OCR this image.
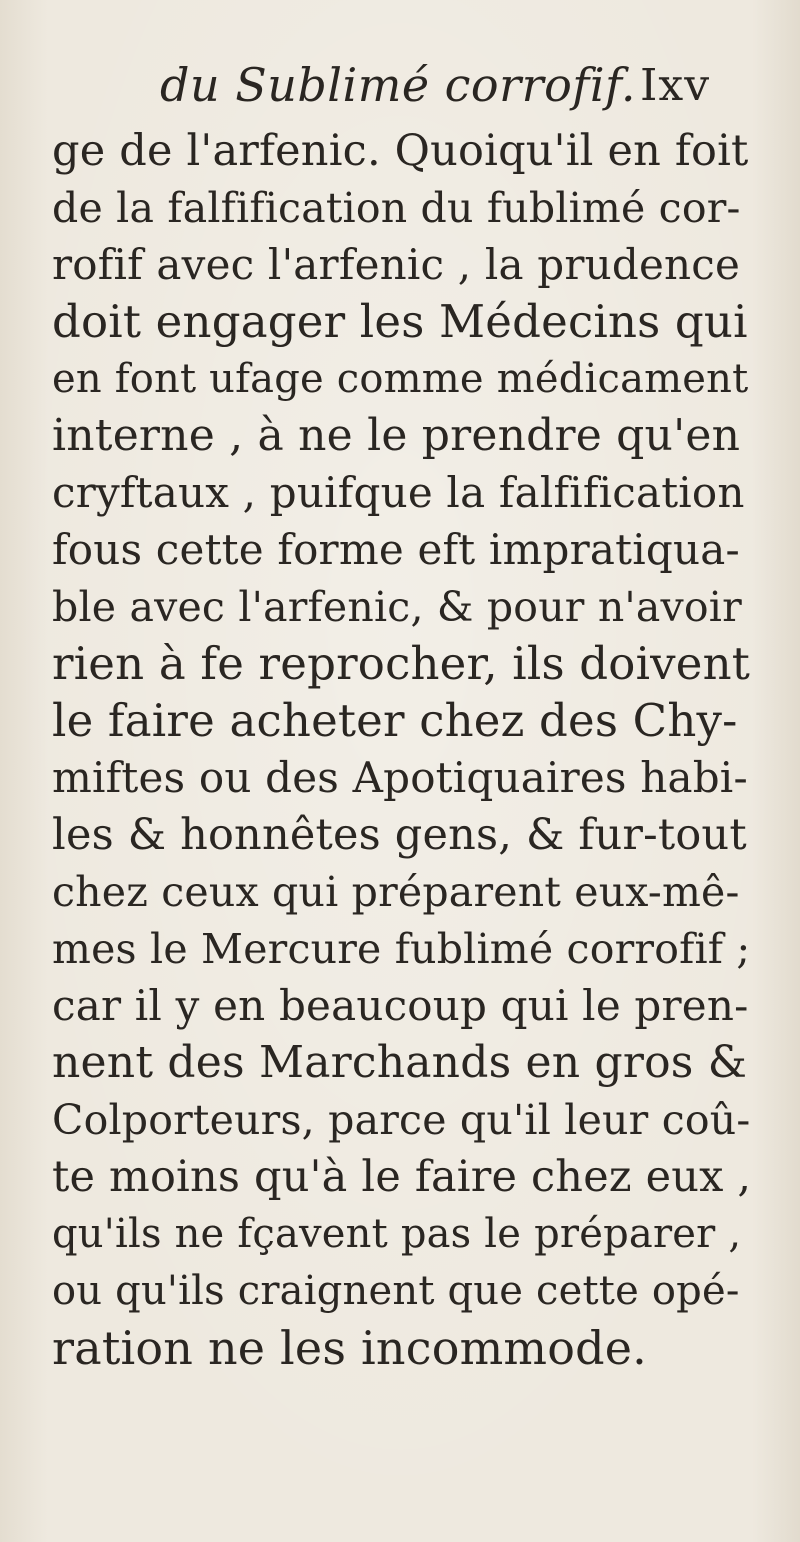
du Sublimé corrofif. Ixv
ge de l'arfenic. Quoiqu'il en foit
de la falfification du fublimé cor-
rofif avec l'arfenic , la prudence
doit engager les Médecins qui
en font ufage comme médicament
interne , à ne le prendre qu'en
cryftaux , puifque la falfification
fous cette forme eft impratiqua-
ble avec l'arfenic, & pour n'avoir
rien à fe reprocher, ils doivent
le faire acheter chez des Chy-
miftes ou des Apotiquaires habi-
les & honnêtes gens, & fur-tout
chez ceux qui préparent eux-mê-
mes le Mercure fublimé corrofif ;
car il y en beaucoup qui le pren-
nent des Marchands en gros &
Colporteurs, parce qu'il leur coû-
te moins qu'à le faire chez eux ,
qu'ils ne fçavent pas le préparer ,
ou qu'ils craignent que cette opé-
ration ne les incommode.
